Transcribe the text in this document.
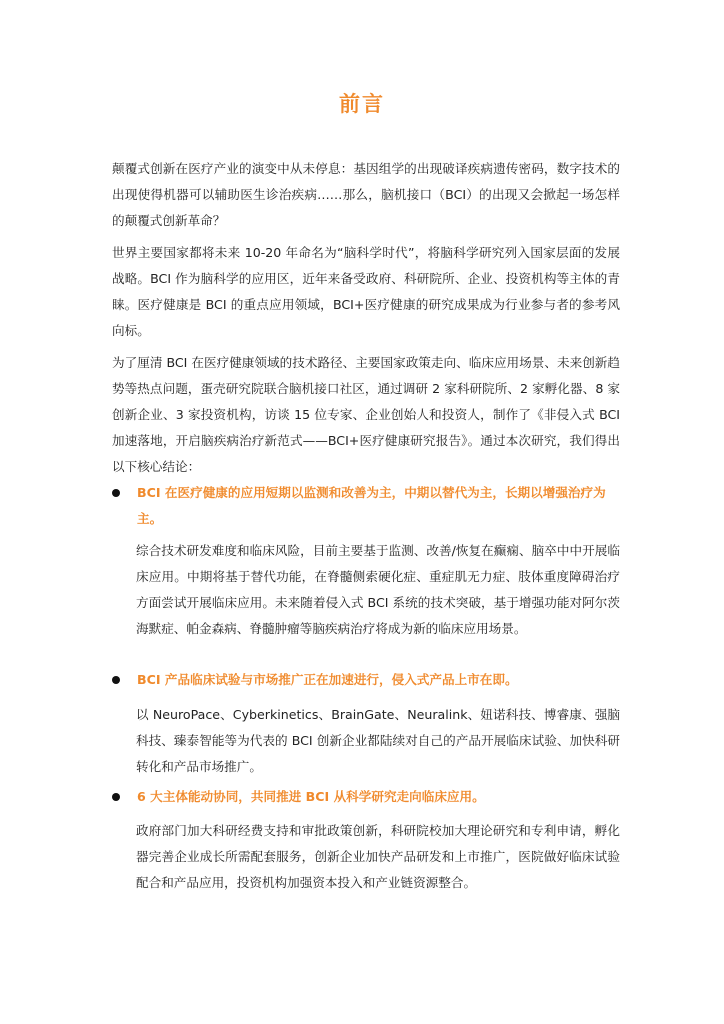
前言

颠覆式创新在医疗产业的演变中从未停息：基因组学的出现破译疾病遗传密码，数字技术的出现使得机器可以辅助医生诊治疾病……那么，脑机接口（BCI）的出现又会掀起一场怎样的颠覆式创新革命？

世界主要国家都将未来 10-20 年命名为“脑科学时代”，将脑科学研究列入国家层面的发展战略。BCI 作为脑科学的应用区，近年来备受政府、科研院所、企业、投资机构等主体的青睐。医疗健康是 BCI 的重点应用领域，BCI+医疗健康的研究成果成为行业参与者的参考风向标。

为了厘清 BCI 在医疗健康领域的技术路径、主要国家政策走向、临床应用场景、未来创新趋势等热点问题，蛋壳研究院联合脑机接口社区，通过调研 2 家科研院所、2 家孵化器、8 家创新企业、3 家投资机构，访谈 15 位专家、企业创始人和投资人，制作了《非侵入式 BCI 加速落地，开启脑疾病治疗新范式——BCI+医疗健康研究报告》。通过本次研究，我们得出以下核心结论：

BCI 在医疗健康的应用短期以监测和改善为主，中期以替代为主，长期以增强治疗为主。

综合技术研发难度和临床风险，目前主要基于监测、改善/恢复在癫痫、脑卒中中开展临床应用。中期将基于替代功能，在脊髓侧索硬化症、重症肌无力症、肢体重度障碍治疗方面尝试开展临床应用。未来随着侵入式 BCI 系统的技术突破，基于增强功能对阿尔茨海默症、帕金森病、脊髓肿瘤等脑疾病治疗将成为新的临床应用场景。

BCI 产品临床试验与市场推广正在加速进行，侵入式产品上市在即。

以 NeuroPace、Cyberkinetics、BrainGate、Neuralink、妞诺科技、博睿康、强脑科技、臻泰智能等为代表的 BCI 创新企业都陆续对自己的产品开展临床试验、加快科研转化和产品市场推广。

6 大主体能动协同，共同推进 BCI 从科学研究走向临床应用。

政府部门加大科研经费支持和审批政策创新，科研院校加大理论研究和专利申请，孵化器完善企业成长所需配套服务，创新企业加快产品研发和上市推广，医院做好临床试验配合和产品应用，投资机构加强资本投入和产业链资源整合。
